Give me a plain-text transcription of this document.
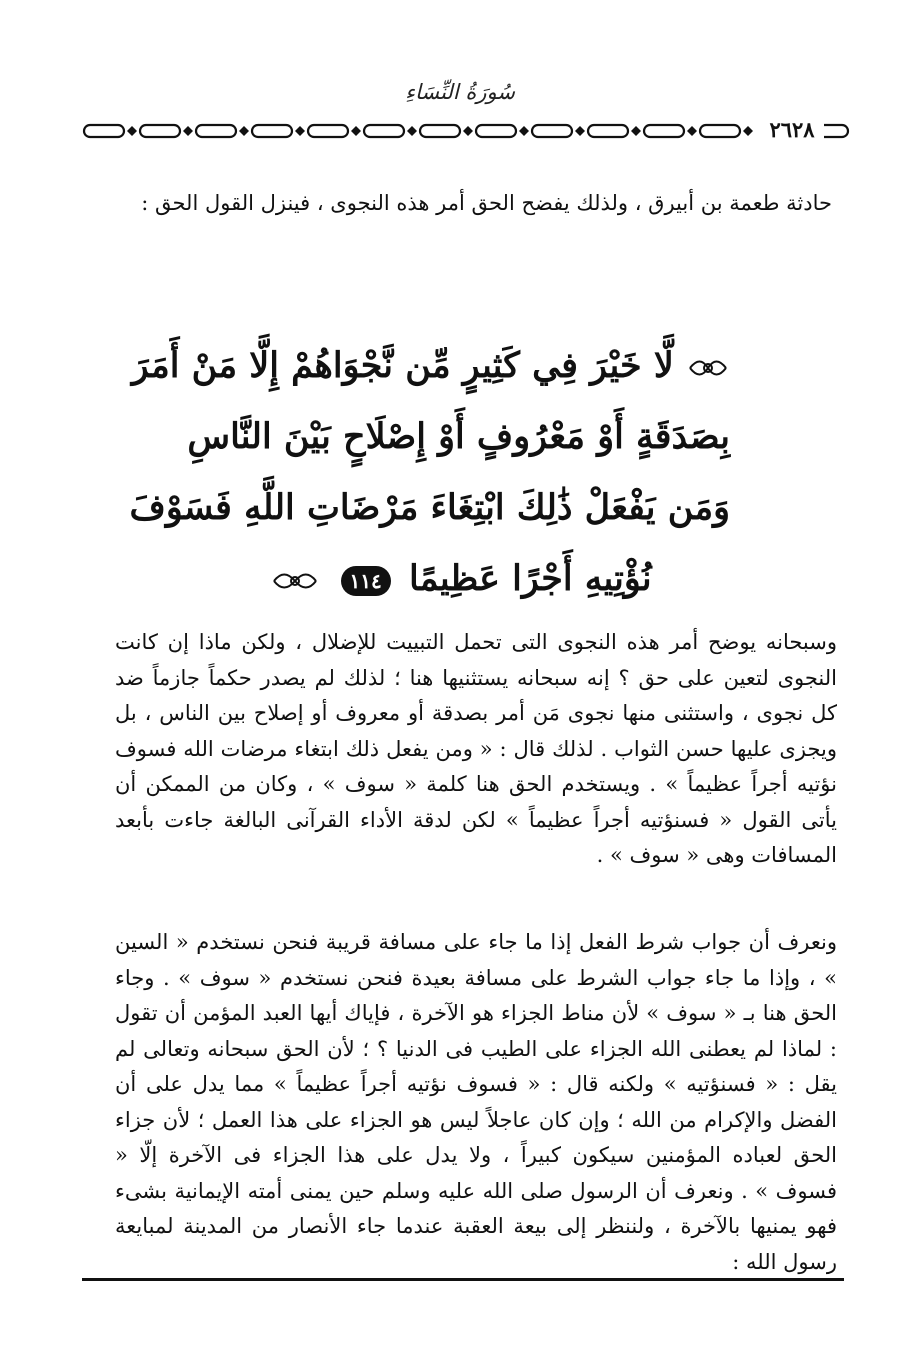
سُورَةُ النِّسَاءِ
٢٦٢٨
حادثة طعمة بن أبيرق ، ولذلك يفضح الحق أمر هذه النجوى ، فينزل القول الحق :
لَّا خَيْرَ فِي كَثِيرٍ مِّن نَّجْوَاهُمْ إِلَّا مَنْ أَمَرَ
بِصَدَقَةٍ أَوْ مَعْرُوفٍ أَوْ إِصْلَاحٍ بَيْنَ النَّاسِ
وَمَن يَفْعَلْ ذَٰلِكَ ابْتِغَاءَ مَرْضَاتِ اللَّهِ فَسَوْفَ
نُؤْتِيهِ أَجْرًا عَظِيمًا ١١٤
وسبحانه يوضح أمر هذه النجوى التى تحمل التبييت للإضلال ، ولكن ماذا إن كانت النجوى لتعين على حق ؟ إنه سبحانه يستثنيها هنا ؛ لذلك لم يصدر حكماً جازماً ضد كل نجوى ، واستثنى منها نجوى مَن أمر بصدقة أو معروف أو إصلاح بين الناس ، بل ويجزى عليها حسن الثواب . لذلك قال : « ومن يفعل ذلك ابتغاء مرضات الله فسوف نؤتيه أجراً عظيماً » . ويستخدم الحق هنا كلمة « سوف » ، وكان من الممكن أن يأتى القول « فسنؤتيه أجراً عظيماً » لكن لدقة الأداء القرآنى البالغة جاءت بأبعد المسافات وهى « سوف » .
ونعرف أن جواب شرط الفعل إذا ما جاء على مسافة قريبة فنحن نستخدم « السين » ، وإذا ما جاء جواب الشرط على مسافة بعيدة فنحن نستخدم « سوف » . وجاء الحق هنا بـ « سوف » لأن مناط الجزاء هو الآخرة ، فإياك أيها العبد المؤمن أن تقول : لماذا لم يعطنى الله الجزاء على الطيب فى الدنيا ؟ ؛ لأن الحق سبحانه وتعالى لم يقل : « فسنؤتيه » ولكنه قال : « فسوف نؤتيه أجراً عظيماً » مما يدل على أن الفضل والإكرام من الله ؛ وإن كان عاجلاً ليس هو الجزاء على هذا العمل ؛ لأن جزاء الحق لعباده المؤمنين سيكون كبيراً ، ولا يدل على هذا الجزاء فى الآخرة إلّا « فسوف » . ونعرف أن الرسول صلى الله عليه وسلم حين يمنى أمته الإيمانية بشىء فهو يمنيها بالآخرة ، ولننظر إلى بيعة العقبة عندما جاء الأنصار من المدينة لمبايعة رسول الله :
